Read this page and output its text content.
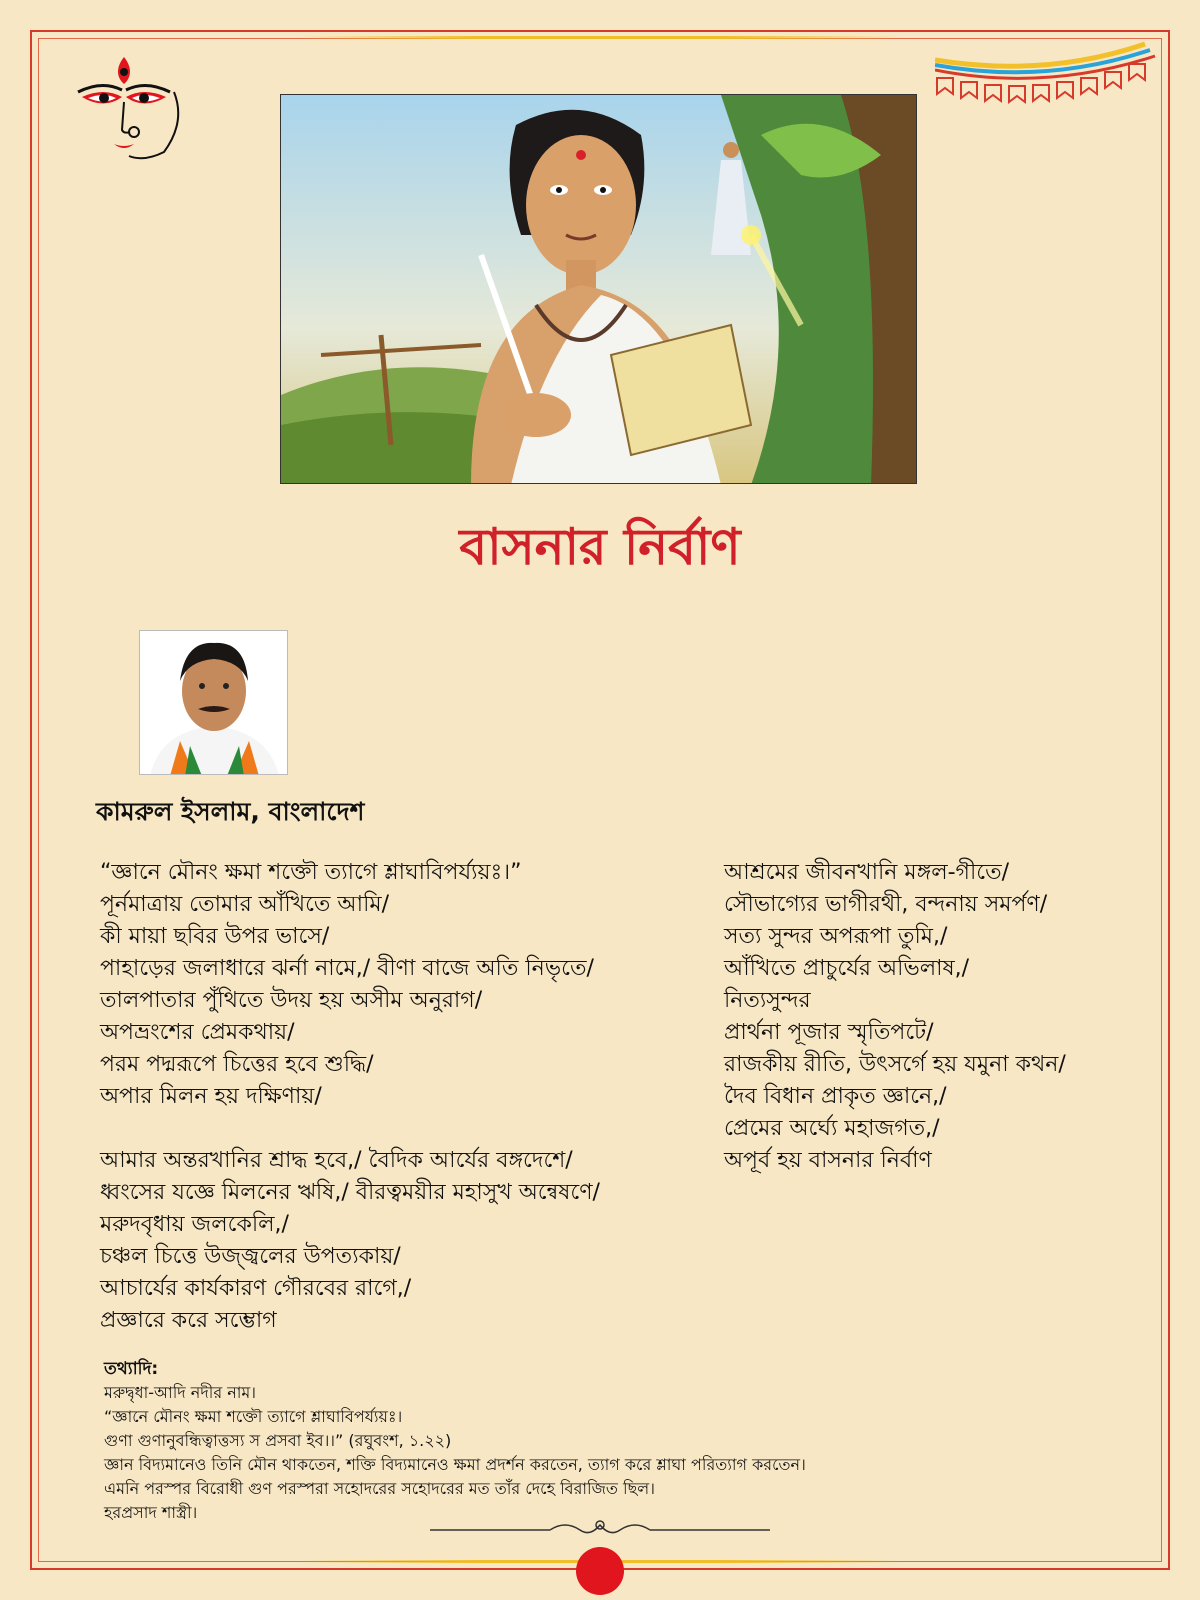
বাসনার নির্বাণ
কামরুল ইসলাম, বাংলাদেশ
“জ্ঞানে মৌনং ক্ষমা শক্তৌ ত্যাগে শ্লাঘাবিপর্য্যয়ঃ।”
পূর্নমাত্রায় তোমার আঁখিতে আমি/
কী মায়া ছবির উপর ভাসে/
পাহাড়ের জলাধারে ঝর্না নামে,/ বীণা বাজে অতি নিভৃতে/
তালপাতার পুঁথিতে উদয় হয় অসীম অনুরাগ/
অপভ্রংশের প্রেমকথায়/
পরম পদ্মরূপে চিত্তের হবে শুদ্ধি/
অপার মিলন হয় দক্ষিণায়/
আমার অন্তরখানির শ্রাদ্ধ হবে,/ বৈদিক আর্যের বঙ্গদেশে/
ধ্বংসের যজ্ঞে মিলনের ঋষি,/ বীরত্বময়ীর মহাসুখ অন্বেষণে/
মরুদবৃধায় জলকেলি,/
চঞ্চল চিত্তে উজ্জ্বলের উপত্যকায়/
আচার্যের কার্যকারণ গৌরবের রাগে,/
প্রজ্ঞারে করে সম্ভোগ
আশ্রমের জীবনখানি মঙ্গল-গীতে/
সৌভাগ্যের ভাগীরথী, বন্দনায় সমর্পণ/
সত্য সুন্দর অপরূপা তুমি,/
আঁখিতে প্রাচুর্যের অভিলাষ,/
নিত্যসুন্দর
প্রার্থনা পূজার স্মৃতিপটে/
রাজকীয় রীতি, উৎসর্গে হয় যমুনা কথন/
দৈব বিধান প্রাকৃত জ্ঞানে,/
প্রেমের অর্ঘ্যে মহাজগত,/
অপূর্ব হয় বাসনার নির্বাণ
তথ্যাদি:
মরুদ্বৃধা-আদি নদীর নাম।
“জ্ঞানে মৌনং ক্ষমা শক্তৌ ত্যাগে শ্লাঘাবিপর্য্যয়ঃ।
গুণা গুণানুবন্ধিত্বাত্তস্য স প্রসবা ইব।।” (রঘুবংশ, ১.২২)
জ্ঞান বিদ্যমানেও তিনি মৌন থাকতেন, শক্তি বিদ্যমানেও ক্ষমা প্রদর্শন করতেন, ত্যাগ করে শ্লাঘা পরিত্যাগ করতেন।
এমনি পরস্পর বিরোধী গুণ পরস্পরা সহোদরের সহোদরের মত তাঁর দেহে বিরাজিত ছিল।
হরপ্রসাদ শাস্ত্রী।
